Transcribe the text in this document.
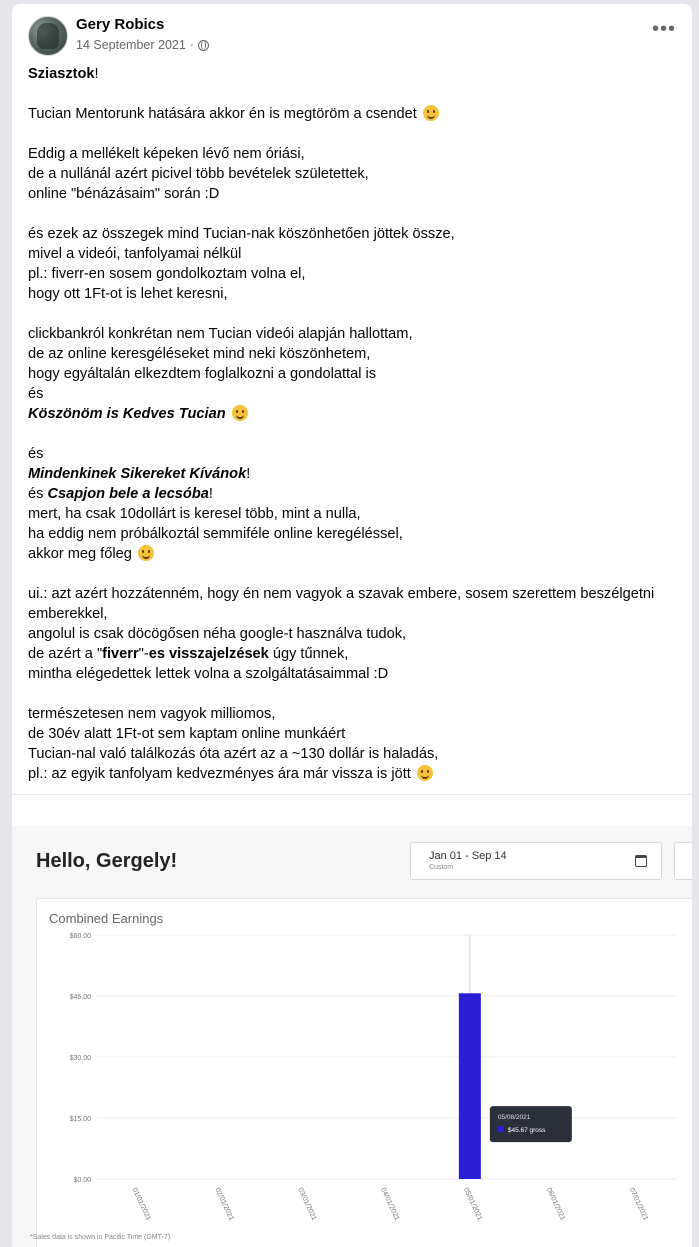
Gery Robics
14 September 2021 ·
•••
Sziasztok!
Tucian Mentorunk hatására akkor én is megtöröm a csendet
Eddig a mellékelt képeken lévő nem óriási,
de a nullánál azért picivel több bevételek születettek,
online "bénázásaim" során :D
és ezek az összegek mind Tucian-nak köszönhetően jöttek össze,
mivel a videói, tanfolyamai nélkül
pl.: fiverr-en sosem gondolkoztam volna el,
hogy ott 1Ft-ot is lehet keresni,
clickbankról konkrétan nem Tucian videói alapján hallottam,
de az online keresgéléseket mind neki köszönhetem,
hogy egyáltalán elkezdtem foglalkozni a gondolattal is
és
Köszönöm is Kedves Tucian
és
Mindenkinek Sikereket Kívánok!
és Csapjon bele a lecsóba!
mert, ha csak 10dollárt is keresel több, mint a nulla,
ha eddig nem próbálkoztál semmiféle online keregéléssel,
akkor meg főleg
ui.: azt azért hozzátenném, hogy én nem vagyok a szavak embere, sosem szerettem beszélgetni
emberekkel,
angolul is csak döcögősen néha google-t használva tudok,
de azért a "fiverr"-es visszajelzések úgy tűnnek,
mintha elégedettek lettek volna a szolgáltatásaimmal :D
természetesen nem vagyok milliomos,
de 30év alatt 1Ft-ot sem kaptam online munkáért
Tucian-nal való találkozás óta azért az a ~130 dollár is haladás,
pl.: az egyik tanfolyam kedvezményes ára már vissza is jött
Hello, Gergely!	Jan 01 - Sep 14
Custom
Combined Earnings
$0.00
$15.00
$30.00
$45.00
$60.00
01/01/2021	02/01/2021	03/01/2021	04/01/2021	05/01/2021	06/01/2021	07/01/2021
05/08/2021
$45.67 gross
*Sales data is shown in Pacific Time (GMT-7).
